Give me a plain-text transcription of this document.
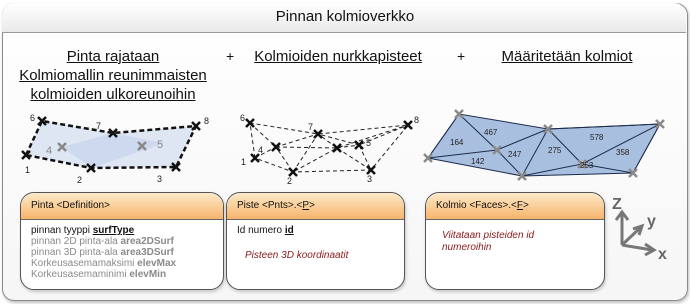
Pinnan kolmioverkko
Pinta rajataan
Kolmiomallin reunimmaisten
kolmioiden ulkoreunoihin
+	Kolmioiden nurkkapisteet	+	Määritetään kolmiot
1
2	3
4	5
6
7	8
1
2	3
4
5
6
7
8
164
467
142
247	275
578
253
358
Pinta <Definition>
pinnan tyyppi surfType
pinnan 2D pinta-ala area2DSurf
pinnan 3D pinta-ala area3DSurf
Korkeusasemamaksimi elevMax
Korkeusasemaminimi elevMin
Piste <Pnts>.<P>
Id numero id
Pisteen 3D koordinaatit
Kolmio <Faces>.<F>
Viitataan pisteiden id
numeroihin
Z
y
x
